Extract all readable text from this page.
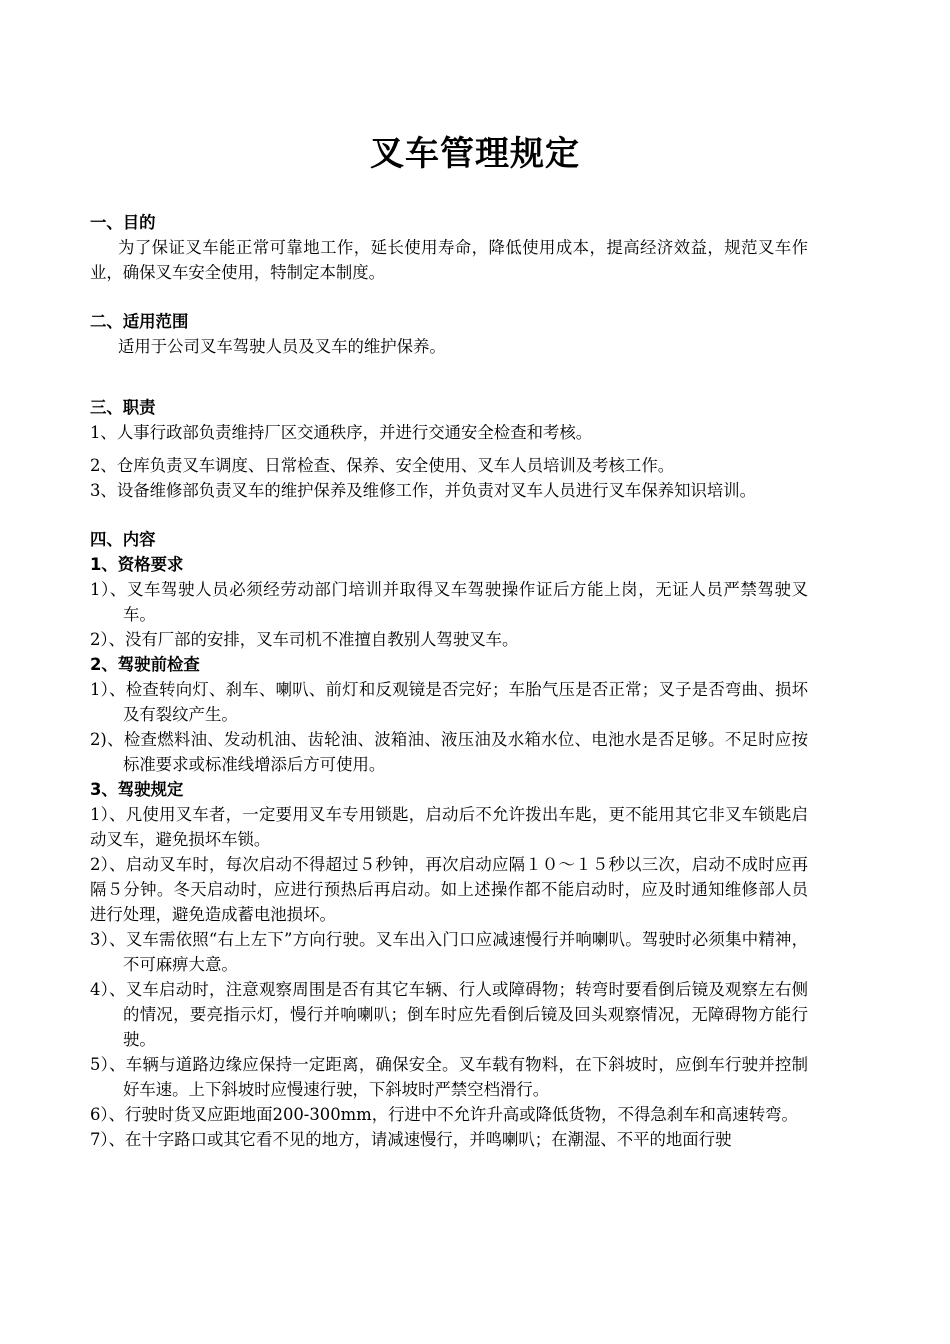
叉车管理规定
一、目的
为了保证叉车能正常可靠地工作，延长使用寿命，降低使用成本，提高经济效益，规范叉车作业，确保叉车安全使用，特制定本制度。
二、适用范围
适用于公司叉车驾驶人员及叉车的维护保养。
三、职责
1、人事行政部负责维持厂区交通秩序，并进行交通安全检查和考核。
2、仓库负责叉车调度、日常检查、保养、安全使用、叉车人员培训及考核工作。
3、设备维修部负责叉车的维护保养及维修工作，并负责对叉车人员进行叉车保养知识培训。
四、内容
1、资格要求
1）、叉车驾驶人员必须经劳动部门培训并取得叉车驾驶操作证后方能上岗，无证人员严禁驾驶叉车。
2）、没有厂部的安排，叉车司机不准擅自教别人驾驶叉车。
2、驾驶前检查
1）、检查转向灯、刹车、喇叭、前灯和反观镜是否完好；车胎气压是否正常；叉子是否弯曲、损坏及有裂纹产生。
2)、检查燃料油、发动机油、齿轮油、波箱油、液压油及水箱水位、电池水是否足够。不足时应按标准要求或标准线增添后方可使用。
3、驾驶规定
1）、凡使用叉车者，一定要用叉车专用锁匙，启动后不允许拨出车匙，更不能用其它非叉车锁匙启动叉车，避免损坏车锁。
2）、启动叉车时，每次启动不得超过５秒钟，再次启动应隔１０～１５秒以三次，启动不成时应再隔５分钟。冬天启动时，应进行预热后再启动。如上述操作都不能启动时，应及时通知维修部人员进行处理，避免造成蓄电池损坏。
3）、叉车需依照“右上左下”方向行驶。叉车出入门口应减速慢行并响喇叭。驾驶时必须集中精神，不可麻痹大意。
4）、叉车启动时，注意观察周围是否有其它车辆、行人或障碍物；转弯时要看倒后镜及观察左右侧的情况，要亮指示灯，慢行并响喇叭；倒车时应先看倒后镜及回头观察情况，无障碍物方能行驶。
5）、车辆与道路边缘应保持一定距离，确保安全。叉车载有物料，在下斜坡时，应倒车行驶并控制好车速。上下斜坡时应慢速行驶，下斜坡时严禁空档滑行。
6）、行驶时货叉应距地面200-300mm，行进中不允许升高或降低货物，不得急刹车和高速转弯。
7）、在十字路口或其它看不见的地方，请减速慢行，并鸣喇叭；在潮湿、不平的地面行驶
